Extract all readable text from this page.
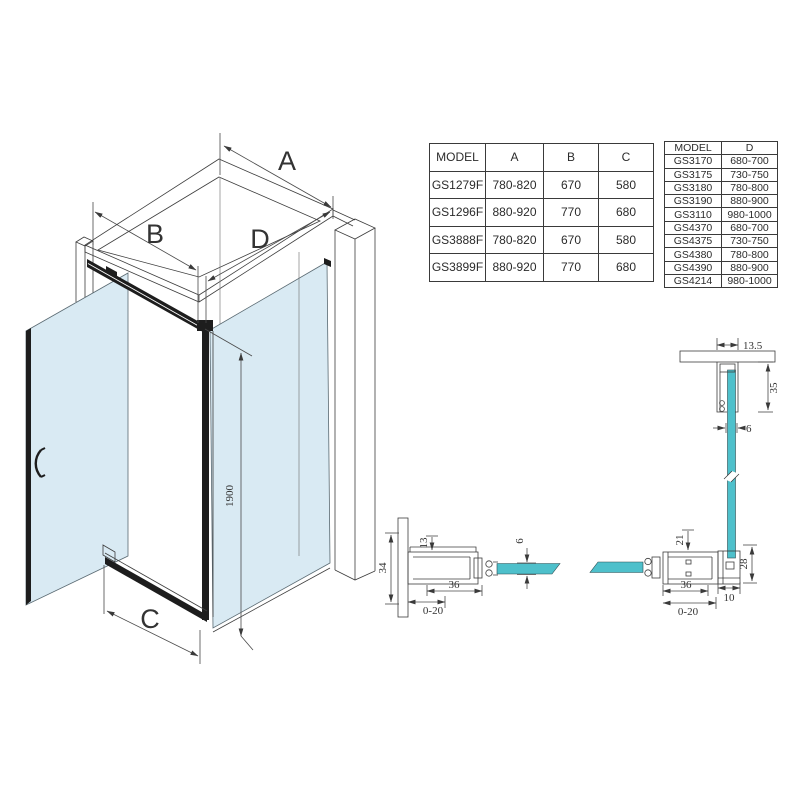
A
B	D
C
1900
34
13	6
36
0-20
21
10
28
36
0-20
13.5
35
6
MODEL	A	B	C
GS1279F	780-820	670	580
GS1296F	880-920	770	680
GS3888F	780-820	670	580
GS3899F	880-920	770	680
MODEL	D
GS3170	680-700
GS3175	730-750
GS3180	780-800
GS3190	880-900
GS3110	980-1000
GS4370	680-700
GS4375	730-750
GS4380	780-800
GS4390	880-900
GS4214	980-1000
